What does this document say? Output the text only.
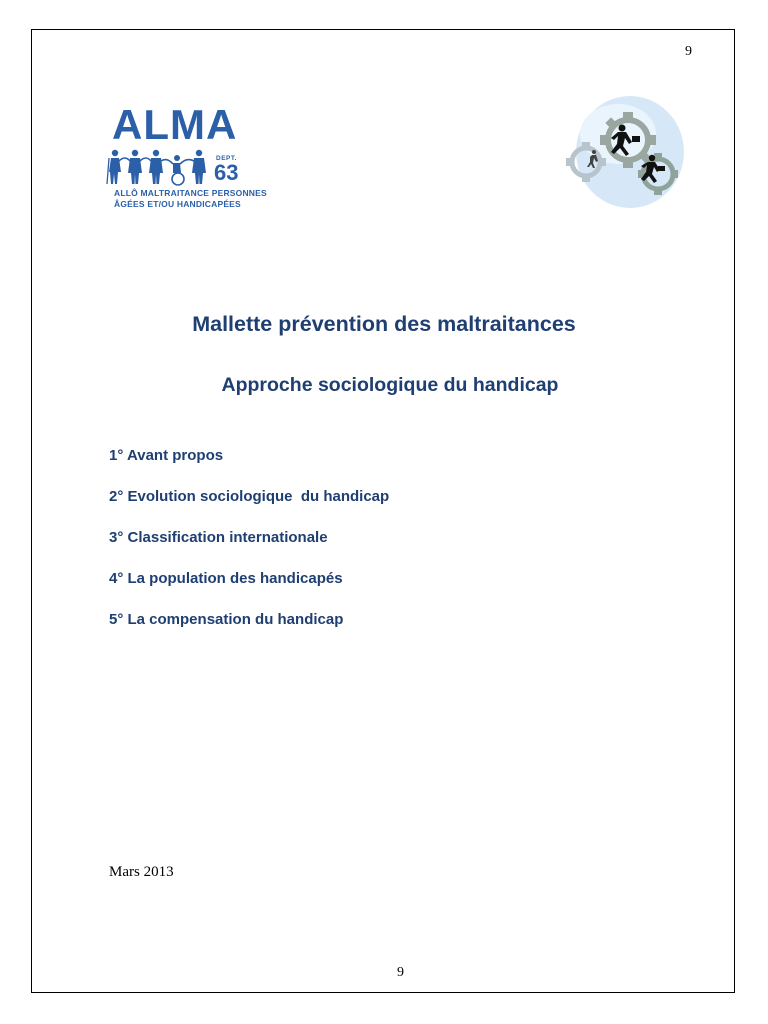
9
ALMA
DEPT.
63
ALLÔ MALTRAITANCE PERSONNES
ÂGÉES ET/OU HANDICAPÉES
Mallette prévention des maltraitances
Approche sociologique du handicap
1° Avant propos
2° Evolution sociologique  du handicap
3° Classification internationale
4° La population des handicapés
5° La compensation du handicap
Mars 2013
9
